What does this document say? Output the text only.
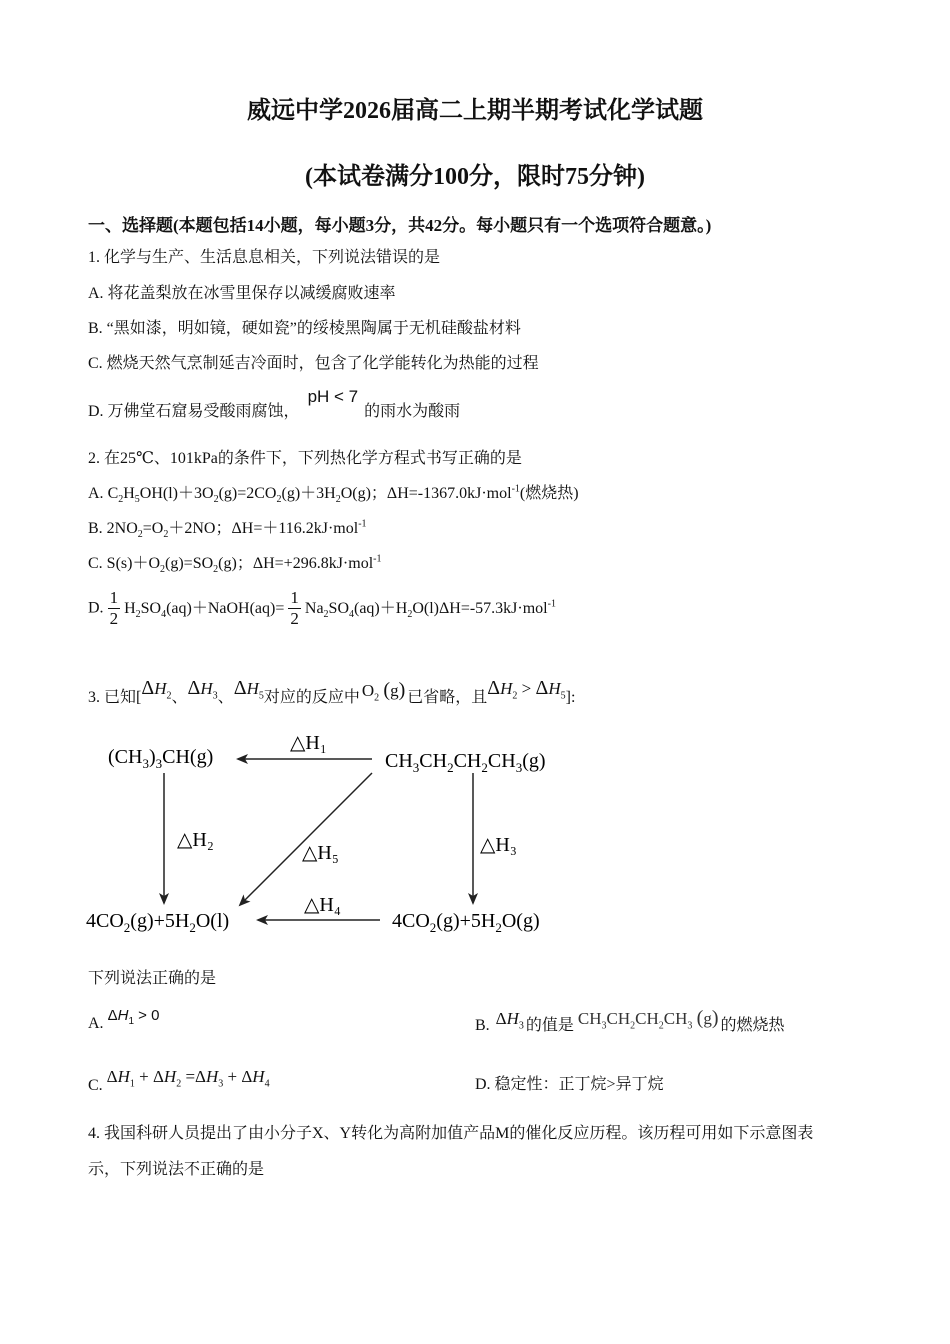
威远中学2026届高二上期半期考试化学试题
(本试卷满分100分，限时75分钟)
一、选择题(本题包括14小题，每小题3分，共42分。每小题只有一个选项符合题意。)
1. 化学与生产、生活息息相关，下列说法错误的是
A. 将花盖梨放在冰雪里保存以减缓腐败速率
B. “黑如漆，明如镜，硬如瓷”的绥棱黑陶属于无机硅酸盐材料
C. 燃烧天然气烹制延吉冷面时，包含了化学能转化为热能的过程
D. 万佛堂石窟易受酸雨腐蚀，pH < 7的雨水为酸雨
2. 在25℃、101kPa的条件下，下列热化学方程式书写正确的是
A. $C_2H_5OH(l)+3O_2(g)=2CO_2(g)+3H_2O(g)$；ΔH=-1367.0kJ·mol$^{-1}$(燃烧热)
B. $2NO_2=O_2+2NO$；ΔH=＋116.2kJ·mol$^{-1}$
C. $S(s)+O_2(g)=SO_2(g)$；ΔH=+296.8kJ·mol$^{-1}$
D. $\frac{1}{2}$ $H_2SO_4(aq)+NaOH(aq)= \frac{1}{2} Na_2SO_4(aq)+H_2O(l)\Delta H=-57.3kJ\cdot mol^{-1}$
3. 已知[$\Delta H_2$、$\Delta H_3$、$\Delta H_5$对应的反应中 $O_2$ (g) 已省略，且$\Delta H_2 > \Delta H_5$]:
$(CH_3)_3CH(g)$	$CH_3CH_2CH_2CH_3(g)$
$4CO_2(g)+5H_2O(l)$	$4CO_2(g)+5H_2O(g)$
△H₁
△H₂	△H₃
△H₄
△H₅
下列说法正确的是
A. $\Delta H_1 > 0$
B. $\Delta H_3$ 的值是 $CH_3CH_2CH_2CH_3$ (g) 的燃烧热
C. $\Delta H_1 + \Delta H_2 =\Delta H_3 + \Delta H_4$	D. 稳定性：正丁烷>异丁烷
4. 我国科研人员提出了由小分子X、Y转化为高附加值产品M的催化反应历程。该历程可用如下示意图表
示，下列说法不正确的是
